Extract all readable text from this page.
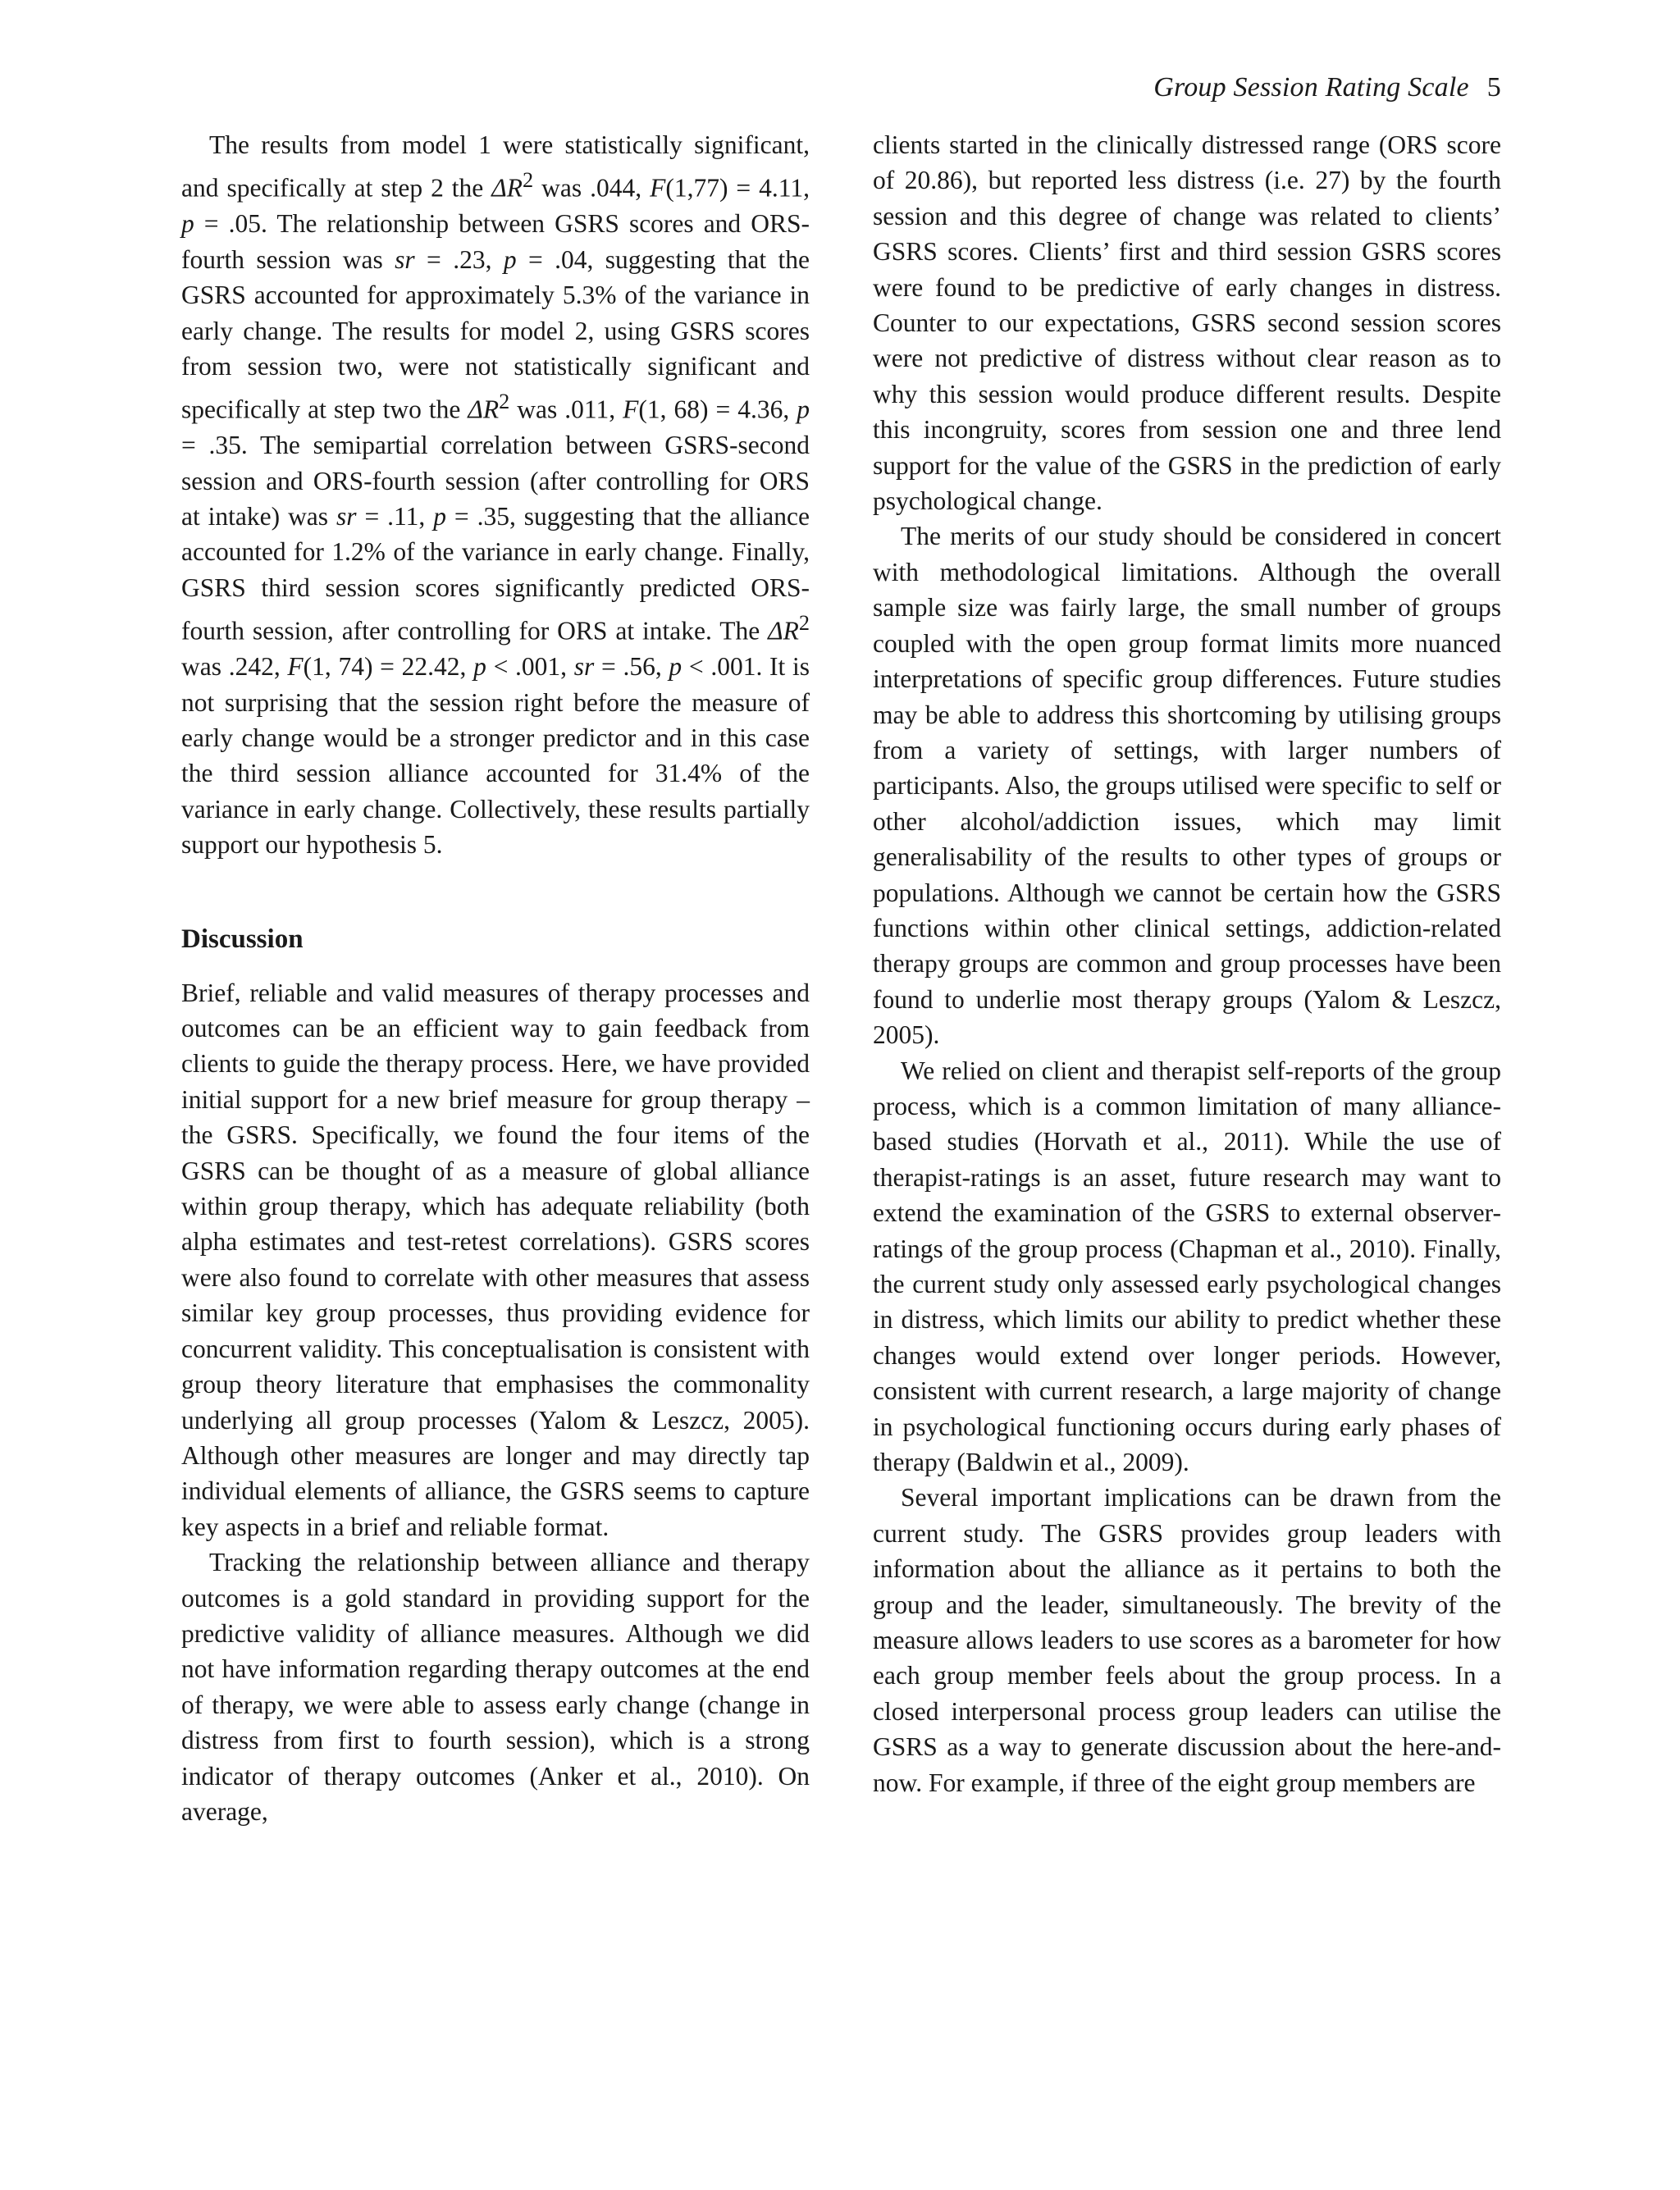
Group Session Rating Scale 5

The results from model 1 were statistically significant, and specifically at step 2 the $\Delta R^2$ was .044, F(1,77) = 4.11, p = .05. The relationship between GSRS scores and ORS-fourth session was sr = .23, p = .04, suggesting that the GSRS accounted for approximately 5.3% of the variance in early change. The results for model 2, using GSRS scores from session two, were not statistically significant and specifically at step two the $\Delta R^2$ was .011, F(1, 68) = 4.36, p = .35. The semipartial correlation between GSRS-second session and ORS-fourth session (after controlling for ORS at intake) was sr = .11, p = .35, suggesting that the alliance accounted for 1.2% of the variance in early change. Finally, GSRS third session scores significantly predicted ORS-fourth session, after controlling for ORS at intake. The $\Delta R^2$ was .242, F(1, 74) = 22.42, p < .001, sr = .56, p < .001. It is not surprising that the session right before the measure of early change would be a stronger predictor and in this case the third session alliance accounted for 31.4% of the variance in early change. Collectively, these results partially support our hypothesis 5.

Discussion

Brief, reliable and valid measures of therapy processes and outcomes can be an efficient way to gain feedback from clients to guide the therapy process. Here, we have provided initial support for a new brief measure for group therapy – the GSRS. Specifically, we found the four items of the GSRS can be thought of as a measure of global alliance within group therapy, which has adequate reliability (both alpha estimates and test-retest correlations). GSRS scores were also found to correlate with other measures that assess similar key group processes, thus providing evidence for concurrent validity. This conceptualisation is consistent with group theory literature that emphasises the commonality underlying all group processes (Yalom & Leszcz, 2005). Although other measures are longer and may directly tap individual elements of alliance, the GSRS seems to capture key aspects in a brief and reliable format.

Tracking the relationship between alliance and therapy outcomes is a gold standard in providing support for the predictive validity of alliance measures. Although we did not have information regarding therapy outcomes at the end of therapy, we were able to assess early change (change in distress from first to fourth session), which is a strong indicator of therapy outcomes (Anker et al., 2010). On average,

clients started in the clinically distressed range (ORS score of 20.86), but reported less distress (i.e. 27) by the fourth session and this degree of change was related to clients’ GSRS scores. Clients’ first and third session GSRS scores were found to be predictive of early changes in distress. Counter to our expectations, GSRS second session scores were not predictive of distress without clear reason as to why this session would produce different results. Despite this incongruity, scores from session one and three lend support for the value of the GSRS in the prediction of early psychological change.

The merits of our study should be considered in concert with methodological limitations. Although the overall sample size was fairly large, the small number of groups coupled with the open group format limits more nuanced interpretations of specific group differences. Future studies may be able to address this shortcoming by utilising groups from a variety of settings, with larger numbers of participants. Also, the groups utilised were specific to self or other alcohol/addiction issues, which may limit generalisability of the results to other types of groups or populations. Although we cannot be certain how the GSRS functions within other clinical settings, addiction-related therapy groups are common and group processes have been found to underlie most therapy groups (Yalom & Leszcz, 2005).

We relied on client and therapist self-reports of the group process, which is a common limitation of many alliance-based studies (Horvath et al., 2011). While the use of therapist-ratings is an asset, future research may want to extend the examination of the GSRS to external observer-ratings of the group process (Chapman et al., 2010). Finally, the current study only assessed early psychological changes in distress, which limits our ability to predict whether these changes would extend over longer periods. However, consistent with current research, a large majority of change in psychological functioning occurs during early phases of therapy (Baldwin et al., 2009).

Several important implications can be drawn from the current study. The GSRS provides group leaders with information about the alliance as it pertains to both the group and the leader, simultaneously. The brevity of the measure allows leaders to use scores as a barometer for how each group member feels about the group process. In a closed interpersonal process group leaders can utilise the GSRS as a way to generate discussion about the here-and-now. For example, if three of the eight group members are
